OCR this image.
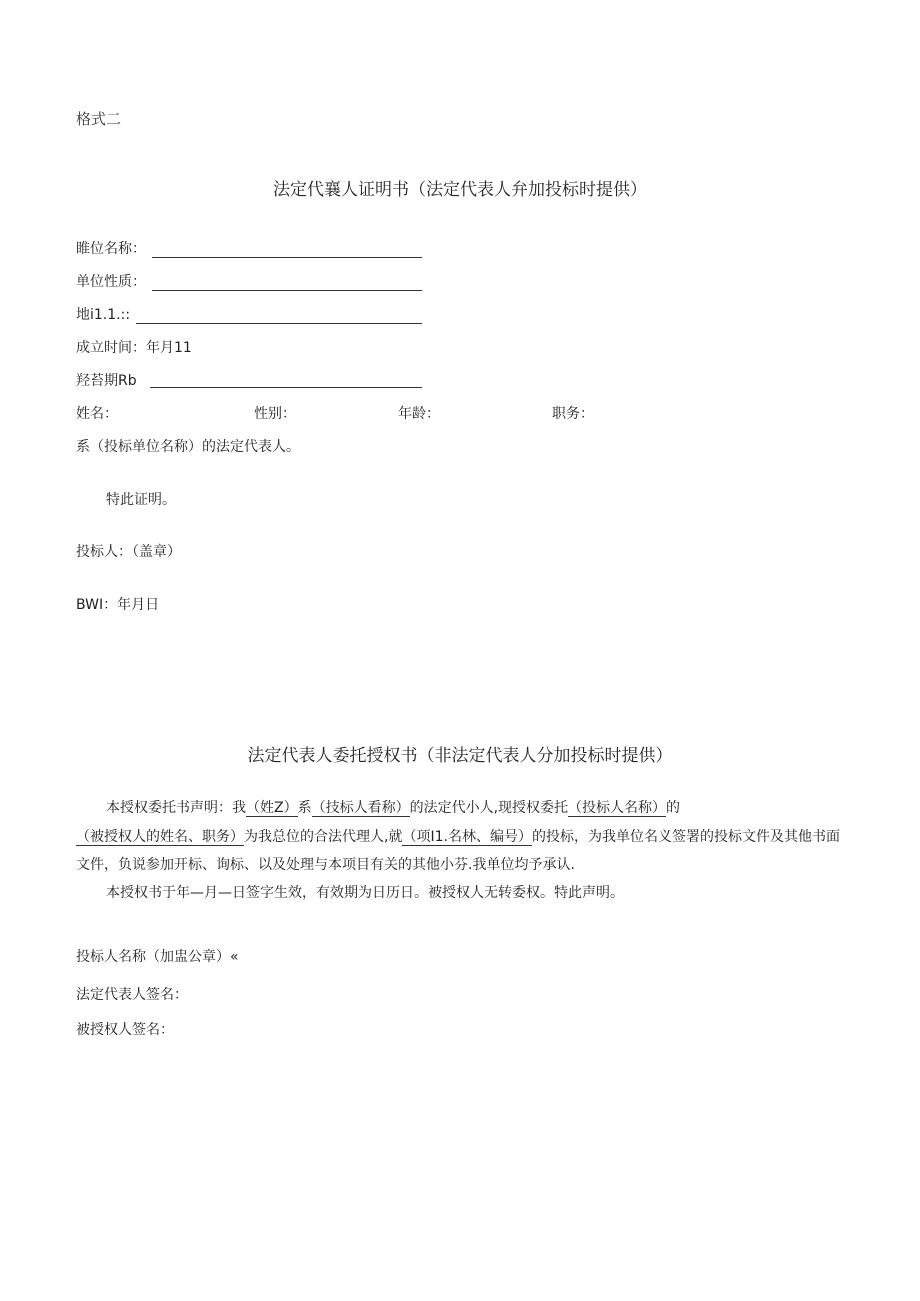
格式二
法定代襄人证明书（法定代表人弁加投标时提供）
睢位名称：
单位性质：
地i1.1.::
成立时间：年月11
羟苔期Rb
姓名：	性别：	年龄：	职务：
系（投标单位名称）的法定代表人。
特此证明。
投标人：（盖章）
BWI：年月日
法定代表人委托授权书（非法定代表人分加投标时提供）
本授权委托书声明：我（姓Z）系（技标人看称）的法定代小人,现授权委托（投标人名称）的（被授权人的姓名、职务）为我总位的合法代理人,就（项I1.名林、编号）的投标，为我单位名义签署的投标文件及其他书面文件，负说参加开标、询标、以及处理与本项目有关的其他小芬.我单位均予承认.
本授权书于年—月—日签字生效，有效期为日历日。被授权人无转委权。特此声明。
投标人名称（加盅公章）«
法定代表人签名：
被授权人签名：
